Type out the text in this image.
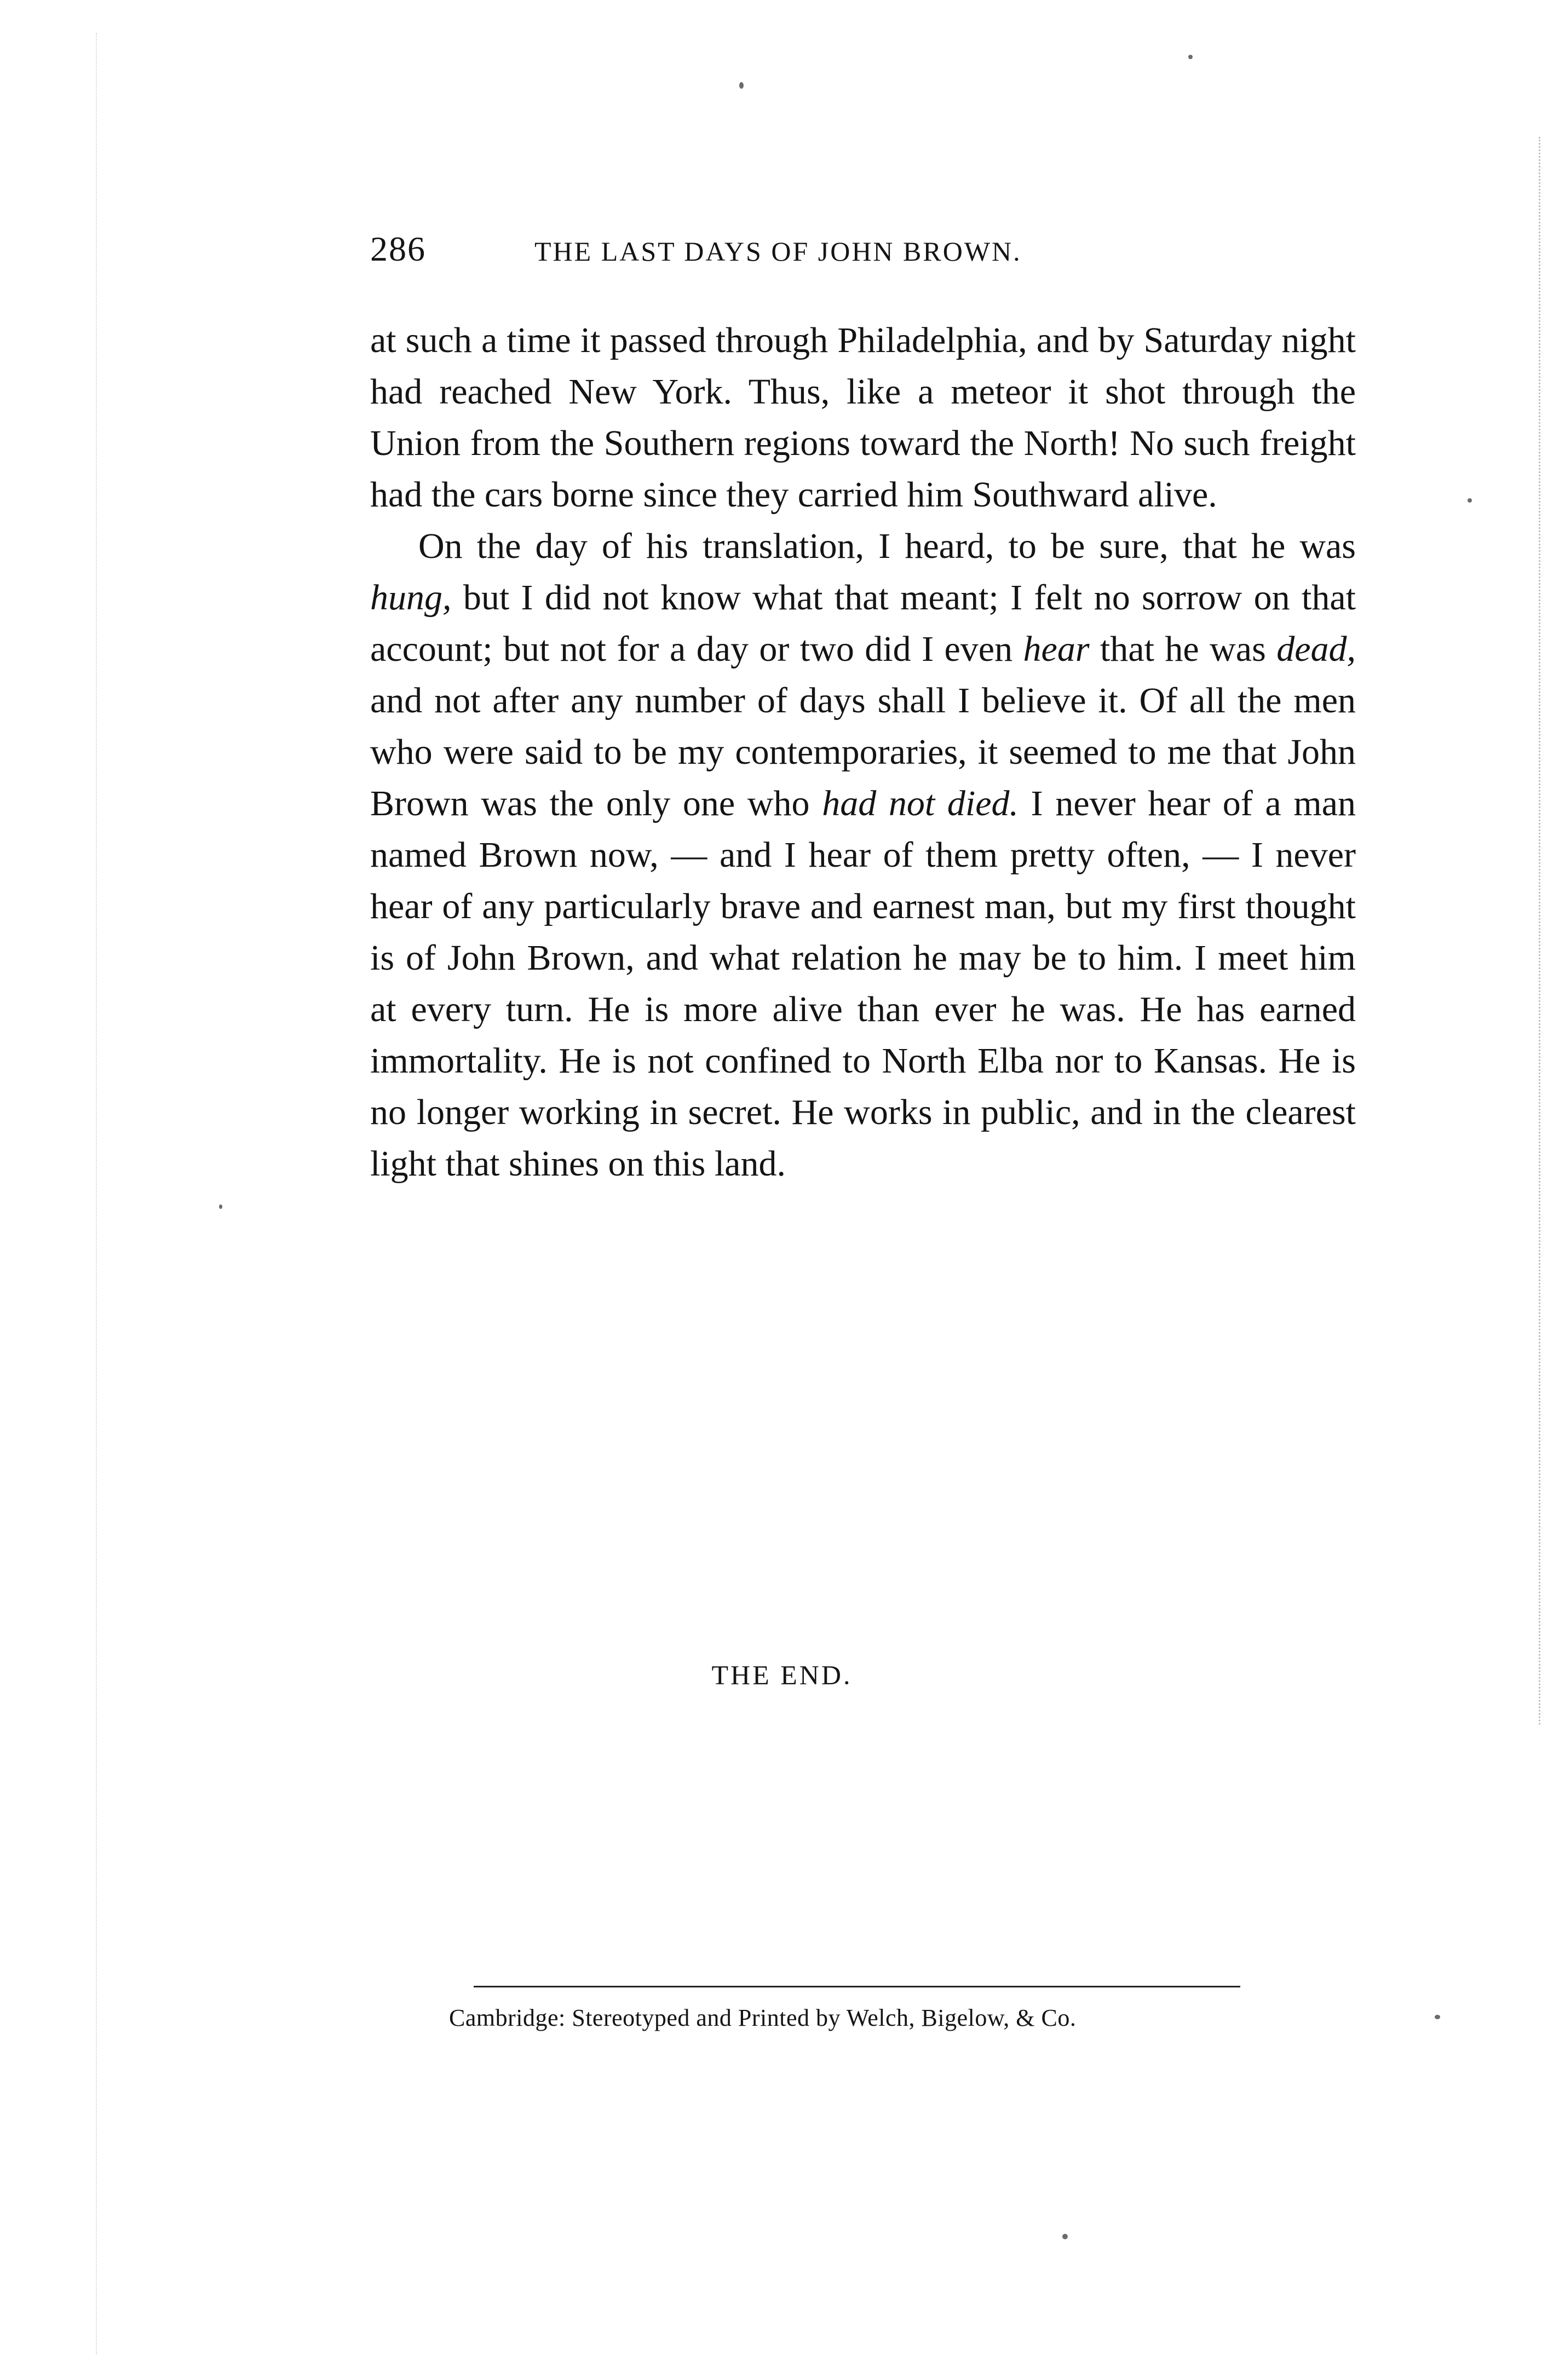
286	THE LAST DAYS OF JOHN BROWN.

at such a time it passed through Philadelphia, and by Saturday night had reached New York. Thus, like a meteor it shot through the Union from the Southern regions toward the North! No such freight had the cars borne since they carried him Southward alive.

On the day of his translation, I heard, to be sure, that he was hung, but I did not know what that meant; I felt no sorrow on that account; but not for a day or two did I even hear that he was dead, and not after any number of days shall I believe it. Of all the men who were said to be my contemporaries, it seemed to me that John Brown was the only one who had not died. I never hear of a man named Brown now, — and I hear of them pretty often, — I never hear of any particularly brave and earnest man, but my first thought is of John Brown, and what relation he may be to him. I meet him at every turn. He is more alive than ever he was. He has earned immortality. He is not confined to North Elba nor to Kansas. He is no longer working in secret. He works in public, and in the clearest light that shines on this land.

THE END.
Cambridge: Stereotyped and Printed by Welch, Bigelow, & Co.
